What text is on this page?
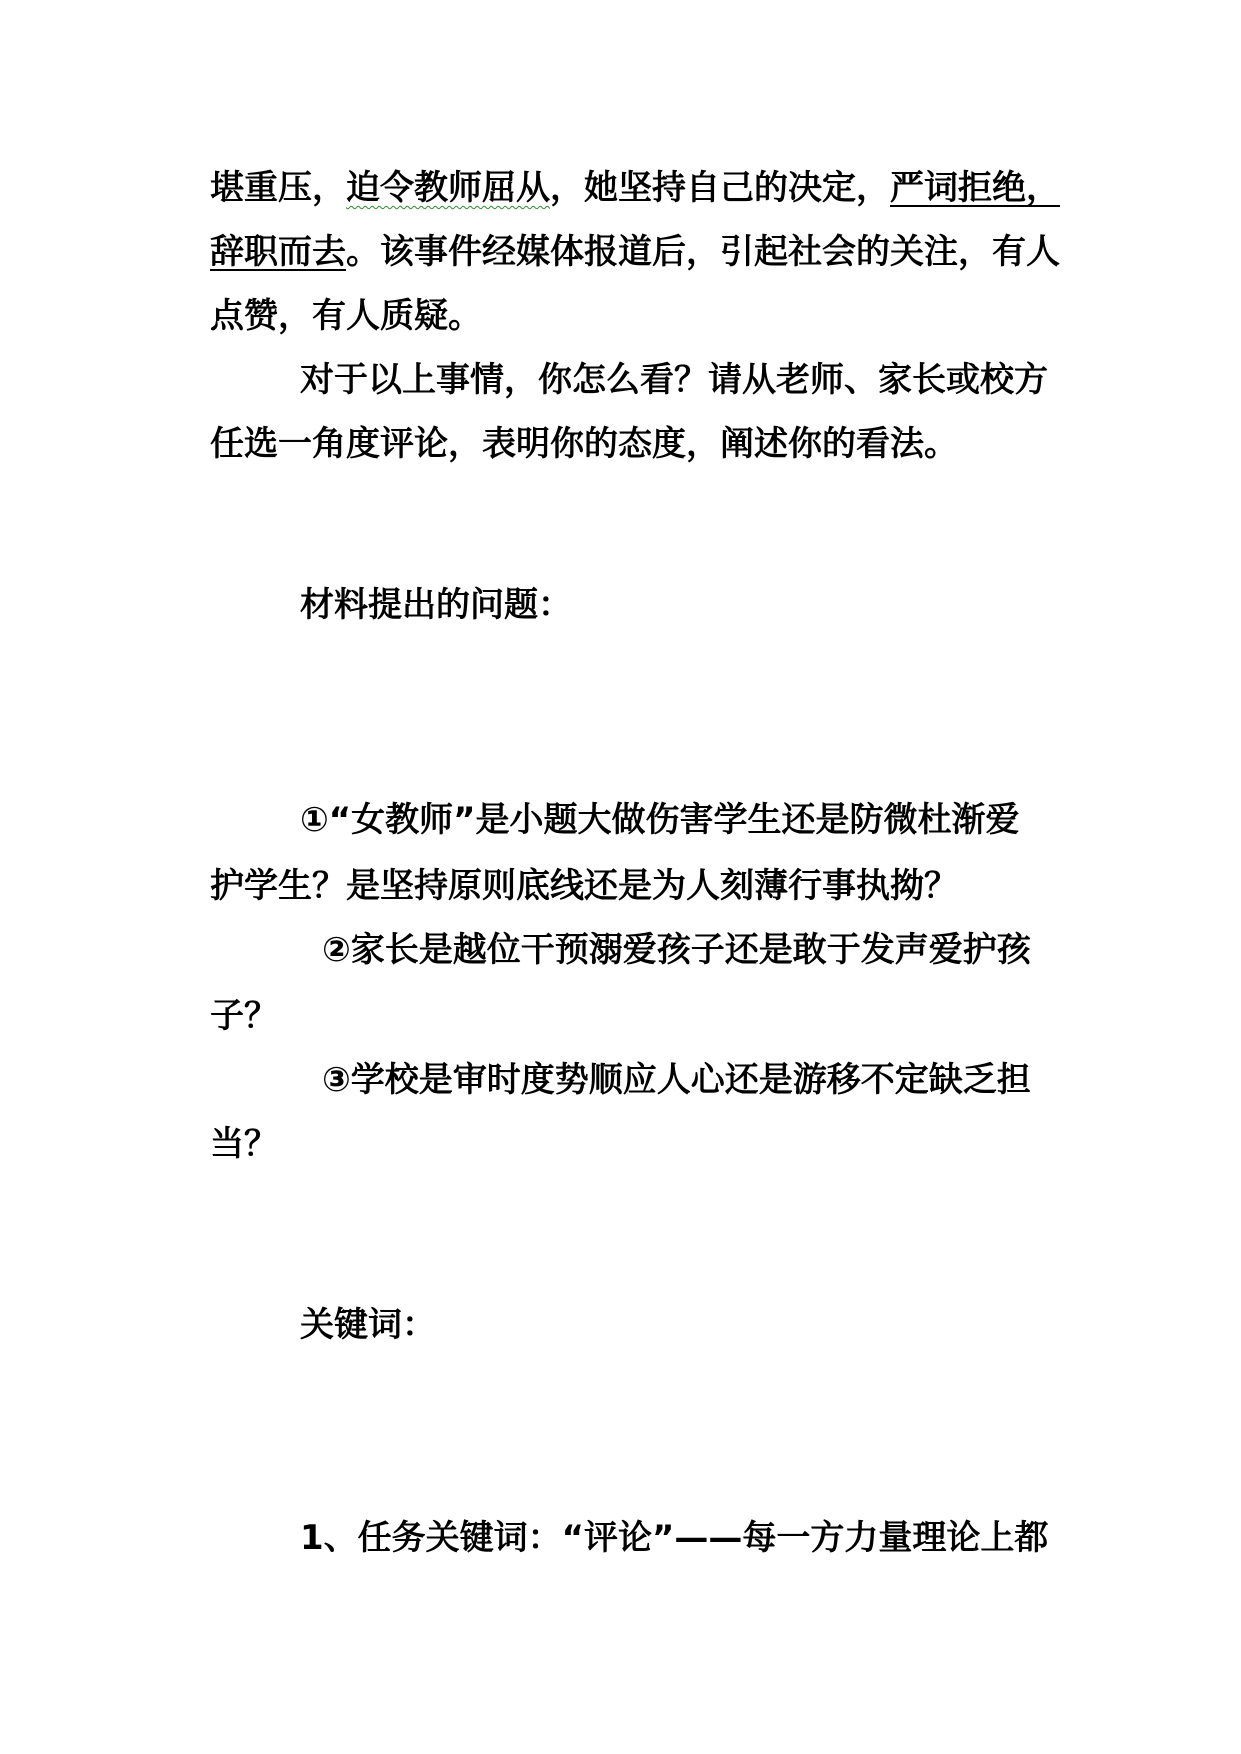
堪重压，迫令教师屈从，她坚持自己的决定，严词拒绝，
辞职而去。该事件经媒体报道后，引起社会的关注，有人
点赞，有人质疑。
对于以上事情，你怎么看？请从老师、家长或校方
任选一角度评论，表明你的态度，阐述你的看法。
材料提出的问题：
①“女教师”是小题大做伤害学生还是防微杜渐爱
护学生？是坚持原则底线还是为人刻薄行事执拗？
②家长是越位干预溺爱孩子还是敢于发声爱护孩
子？
③学校是审时度势顺应人心还是游移不定缺乏担
当？
关键词：
1、任务关键词：“评论”——每一方力量理论上都
